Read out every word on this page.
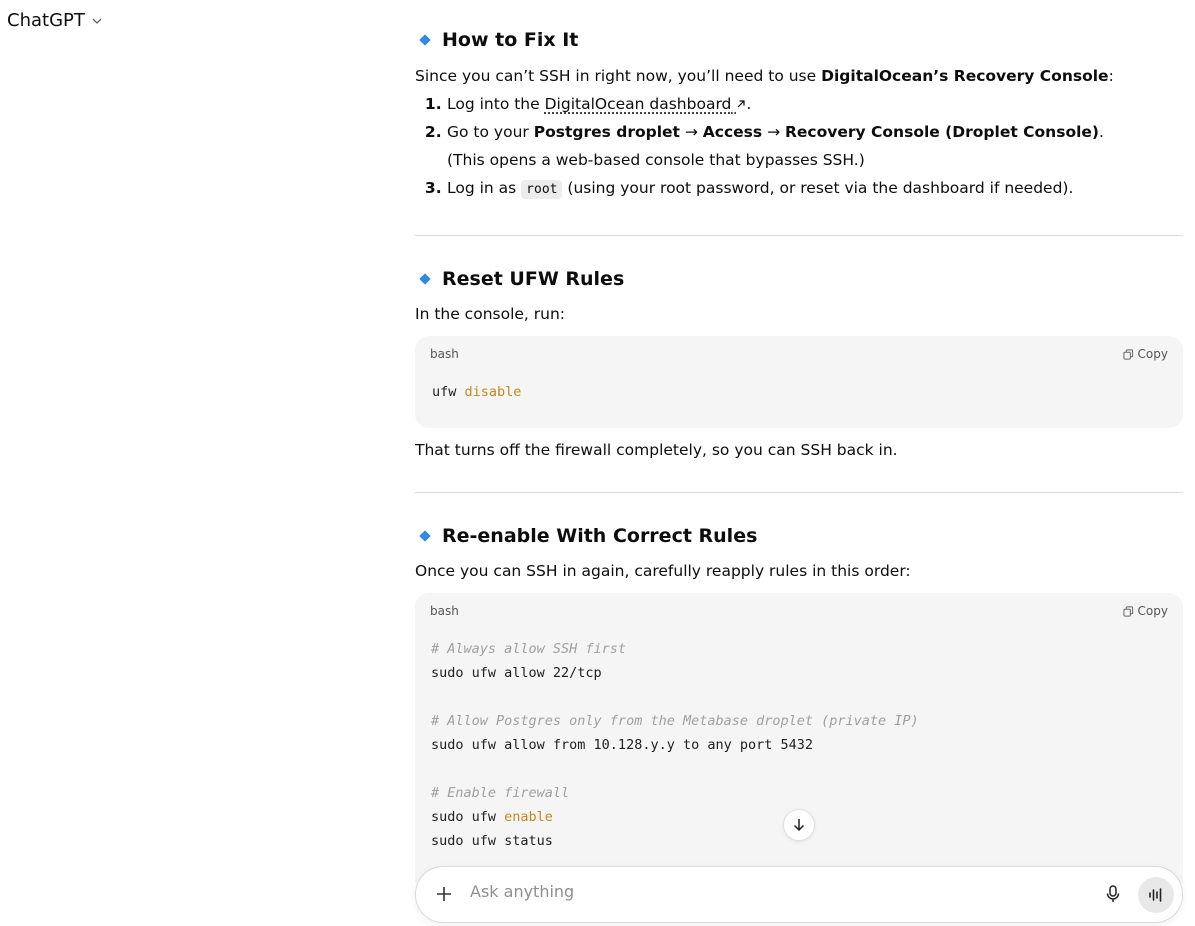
ChatGPT
How to Fix It

Since you can’t SSH in right now, you’ll need to use DigitalOcean’s Recovery Console:

1. Log into the DigitalOcean dashboard .
2. Go to your Postgres droplet → Access → Recovery Console (Droplet Console).
(This opens a web-based console that bypasses SSH.)
3. Log in as root (using your root password, or reset via the dashboard if needed).
Reset UFW Rules

In the console, run:

bash	Copy
ufw disable

That turns off the firewall completely, so you can SSH back in.

Re-enable With Correct Rules

Once you can SSH in again, carefully reapply rules in this order:

bash	Copy
# Always allow SSH first
sudo ufw allow 22/tcp

# Allow Postgres only from the Metabase droplet (private IP)
sudo ufw allow from 10.128.y.y to any port 5432

# Enable firewall
sudo ufw enable
sudo ufw status
Ask anything
